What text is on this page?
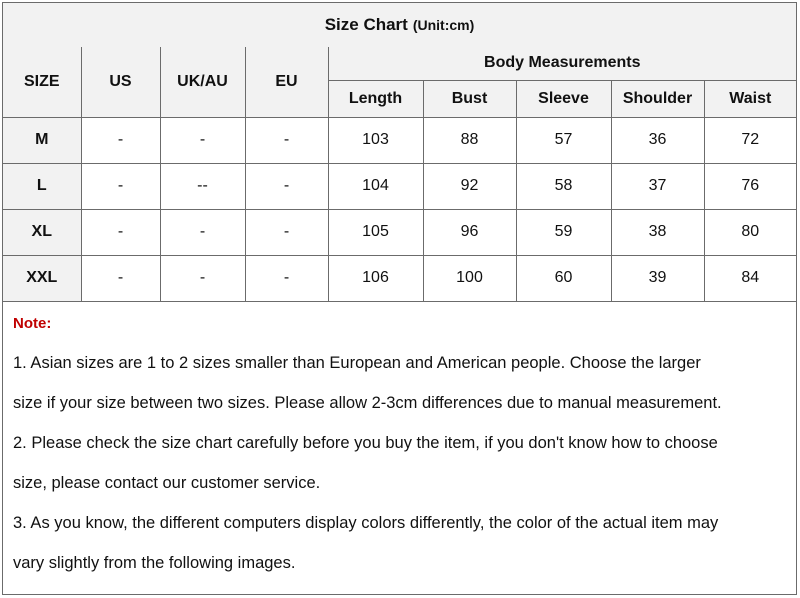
Size Chart (Unit:cm)
SIZE	US	UK/AU	EU	Body Measurements				
				Length	Bust	Sleeve	Shoulder	Waist
M	-	-	-	103	88	57	36	72
L	-	--	-	104	92	58	37	76
XL	-	-	-	105	96	59	38	80
XXL	-	-	-	106	100	60	39	84
Note:
1. Asian sizes are 1 to 2 sizes smaller than European and American people. Choose the larger
size if your size between two sizes. Please allow 2-3cm differences due to manual measurement.
2. Please check the size chart carefully before you buy the item, if you don't know how to choose
size, please contact our customer service.
3. As you know, the different computers display colors differently, the color of the actual item may
vary slightly from the following images.
